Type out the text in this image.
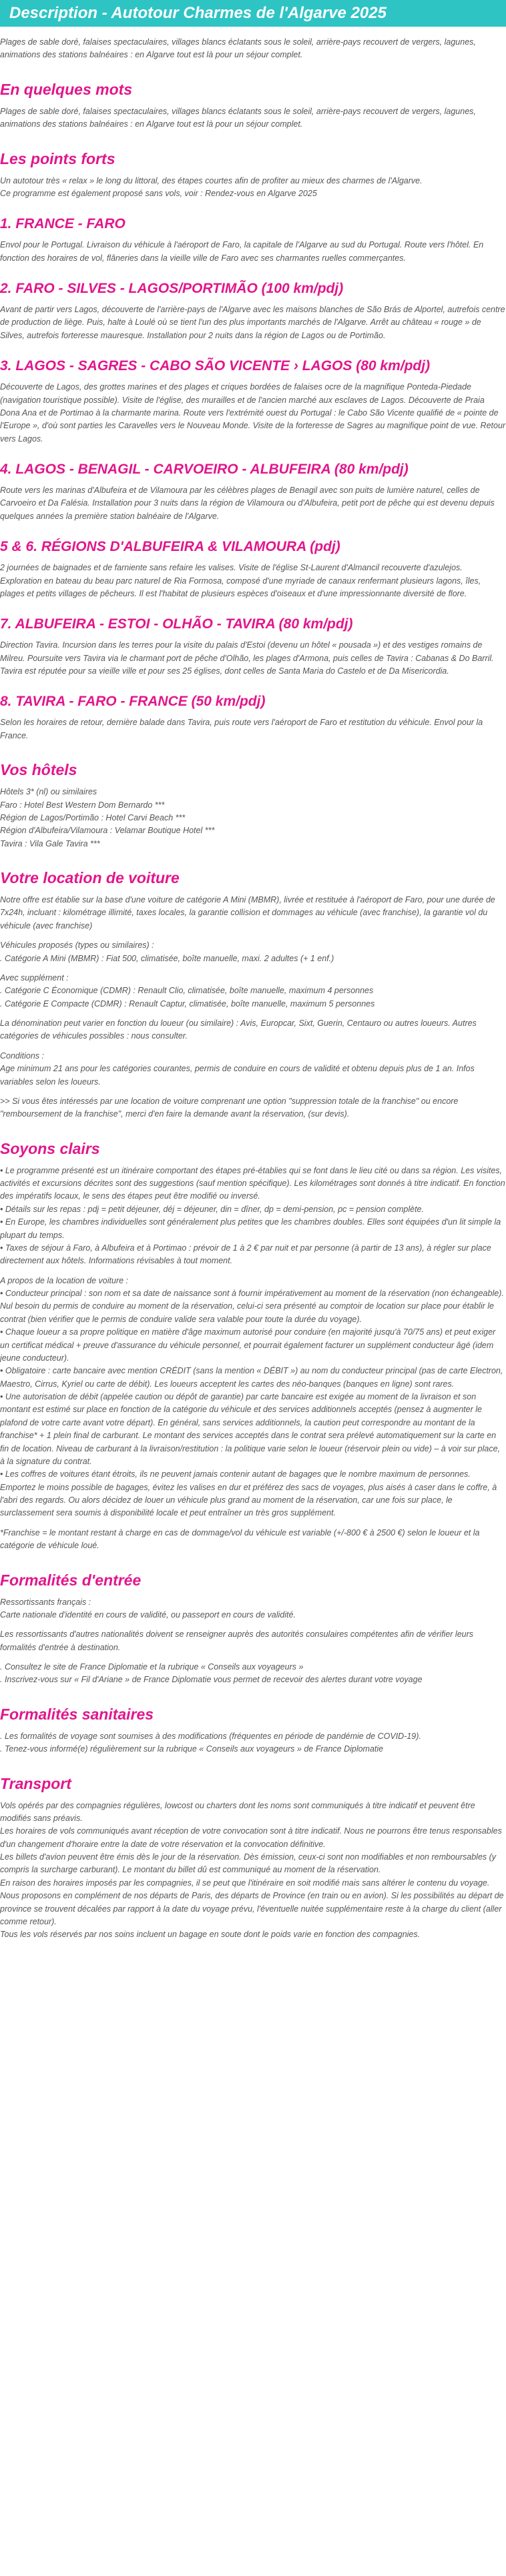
Description - Autotour Charmes de l'Algarve 2025

Plages de sable doré, falaises spectaculaires, villages blancs éclatants sous le soleil, arrière-pays recouvert de vergers, lagunes, animations des stations balnéaires : en Algarve tout est là pour un séjour complet.

En quelques mots

Plages de sable doré, falaises spectaculaires, villages blancs éclatants sous le soleil, arrière-pays recouvert de vergers, lagunes, animations des stations balnéaires : en Algarve tout est là pour un séjour complet.

Les points forts

Un autotour très « relax » le long du littoral, des étapes courtes afin de profiter au mieux des charmes de l'Algarve.
Ce programme est également proposé sans vols, voir : Rendez-vous en Algarve 2025

1. FRANCE - FARO

Envol pour le Portugal. Livraison du véhicule à l'aéroport de Faro, la capitale de l'Algarve au sud du Portugal. Route vers l'hôtel. En fonction des horaires de vol, flâneries dans la vieille ville de Faro avec ses charmantes ruelles commerçantes.

2. FARO - SILVES - LAGOS/PORTIMÃO (100 km/pdj)

Avant de partir vers Lagos, découverte de l'arrière-pays de l'Algarve avec les maisons blanches de São Brás de Alportel, autrefois centre de production de liège. Puis, halte à Loulé où se tient l'un des plus importants marchés de l'Algarve. Arrêt au château « rouge » de Silves, autrefois forteresse mauresque. Installation pour 2 nuits dans la région de Lagos ou de Portimão.

3. LAGOS - SAGRES - CABO SÃO VICENTE › LAGOS (80 km/pdj)

Découverte de Lagos, des grottes marines et des plages et criques bordées de falaises ocre de la magnifique Ponteda-Piedade (navigation touristique possible). Visite de l'église, des murailles et de l'ancien marché aux esclaves de Lagos. Découverte de Praia Dona Ana et de Portimao à la charmante marina. Route vers l'extrémité ouest du Portugal : le Cabo São Vicente qualifié de « pointe de l'Europe », d'où sont parties les Caravelles vers le Nouveau Monde. Visite de la forteresse de Sagres au magnifique point de vue. Retour vers Lagos.

4. LAGOS - BENAGIL - CARVOEIRO - ALBUFEIRA (80 km/pdj)

Route vers les marinas d'Albufeira et de Vilamoura par les célèbres plages de Benagil avec son puits de lumière naturel, celles de Carvoeiro et Da Falésia. Installation pour 3 nuits dans la région de Vilamoura ou d'Albufeira, petit port de pêche qui est devenu depuis quelques années la première station balnéaire de l'Algarve.

5 & 6. RÉGIONS D'ALBUFEIRA & VILAMOURA (pdj)

2 journées de baignades et de farniente sans refaire les valises. Visite de l'église St-Laurent d'Almancil recouverte d'azulejos. Exploration en bateau du beau parc naturel de Ria Formosa, composé d'une myriade de canaux renfermant plusieurs lagons, îles, plages et petits villages de pêcheurs. Il est l'habitat de plusieurs espèces d'oiseaux et d'une impressionnante diversité de flore.

7. ALBUFEIRA - ESTOI - OLHÃO - TAVIRA (80 km/pdj)

Direction Tavira. Incursion dans les terres pour la visite du palais d'Estoi (devenu un hôtel « pousada ») et des vestiges romains de Milreu. Poursuite vers Tavira via le charmant port de pêche d'Olhão, les plages d'Armona, puis celles de Tavira : Cabanas & Do Barril. Tavira est réputée pour sa vieille ville et pour ses 25 églises, dont celles de Santa Maria do Castelo et de Da Misericordia.

8. TAVIRA - FARO - FRANCE (50 km/pdj)

Selon les horaires de retour, dernière balade dans Tavira, puis route vers l'aéroport de Faro et restitution du véhicule. Envol pour la France.

Vos hôtels

Hôtels 3* (nl) ou similaires
Faro : Hotel Best Western Dom Bernardo ***
Région de Lagos/Portimão : Hotel Carvi Beach ***
Région d'Albufeira/Vilamoura : Velamar Boutique Hotel ***
Tavira : Vila Gale Tavira ***

Votre location de voiture

Notre offre est établie sur la base d'une voiture de catégorie A Mini (MBMR), livrée et restituée à l'aéroport de Faro, pour une durée de 7x24h, incluant : kilométrage illimité, taxes locales, la garantie collision et dommages au véhicule (avec franchise), la garantie vol du véhicule (avec franchise)

Véhicules proposés (types ou similaires) :
. Catégorie A Mini (MBMR) : Fiat 500, climatisée, boîte manuelle, maxi. 2 adultes (+ 1 enf.)

Avec supplément :
. Catégorie C Économique (CDMR) : Renault Clio, climatisée, boîte manuelle, maximum 4 personnes
. Catégorie E Compacte (CDMR) : Renault Captur, climatisée, boîte manuelle, maximum 5 personnes

La dénomination peut varier en fonction du loueur (ou similaire) : Avis, Europcar, Sixt, Guerin, Centauro ou autres loueurs. Autres catégories de véhicules possibles : nous consulter.

Conditions :
Age minimum 21 ans pour les catégories courantes, permis de conduire en cours de validité et obtenu depuis plus de 1 an. Infos variables selon les loueurs.

>> Si vous êtes intéressés par une location de voiture comprenant une option "suppression totale de la franchise" ou encore "remboursement de la franchise", merci d'en faire la demande avant la réservation, (sur devis).

Soyons clairs

• Le programme présenté est un itinéraire comportant des étapes pré-établies qui se font dans le lieu cité ou dans sa région. Les visites, activités et excursions décrites sont des suggestions (sauf mention spécifique). Les kilométrages sont donnés à titre indicatif. En fonction des impératifs locaux, le sens des étapes peut être modifié ou inversé.
• Détails sur les repas : pdj = petit déjeuner, déj = déjeuner, din = dîner, dp = demi-pension, pc = pension complète.
• En Europe, les chambres individuelles sont généralement plus petites que les chambres doubles. Elles sont équipées d'un lit simple la plupart du temps.
• Taxes de séjour à Faro, à Albufeira et à Portimao : prévoir de 1 à 2 € par nuit et par personne (à partir de 13 ans), à régler sur place directement aux hôtels. Informations révisables à tout moment.

A propos de la location de voiture :
• Conducteur principal : son nom et sa date de naissance sont à fournir impérativement au moment de la réservation (non échangeable). Nul besoin du permis de conduire au moment de la réservation, celui-ci sera présenté au comptoir de location sur place pour établir le contrat (bien vérifier que le permis de conduire valide sera valable pour toute la durée du voyage).
• Chaque loueur a sa propre politique en matière d'âge maximum autorisé pour conduire (en majorité jusqu'à 70/75 ans) et peut exiger un certificat médical + preuve d'assurance du véhicule personnel, et pourrait également facturer un supplément conducteur âgé (idem jeune conducteur).
• Obligatoire : carte bancaire avec mention CRÉDIT (sans la mention « DÉBIT ») au nom du conducteur principal (pas de carte Electron, Maestro, Cirrus, Kyriel ou carte de débit). Les loueurs acceptent les cartes des néo-banques (banques en ligne) sont rares.
• Une autorisation de débit (appelée caution ou dépôt de garantie) par carte bancaire est exigée au moment de la livraison et son montant est estimé sur place en fonction de la catégorie du véhicule et des services additionnels acceptés (pensez à augmenter le plafond de votre carte avant votre départ). En général, sans services additionnels, la caution peut correspondre au montant de la franchise* + 1 plein final de carburant. Le montant des services acceptés dans le contrat sera prélevé automatiquement sur la carte en fin de location. Niveau de carburant à la livraison/restitution : la politique varie selon le loueur (réservoir plein ou vide) – à voir sur place, à la signature du contrat.
• Les coffres de voitures étant étroits, ils ne peuvent jamais contenir autant de bagages que le nombre maximum de personnes. Emportez le moins possible de bagages, évitez les valises en dur et préférez des sacs de voyages, plus aisés à caser dans le coffre, à l'abri des regards. Ou alors décidez de louer un véhicule plus grand au moment de la réservation, car une fois sur place, le surclassement sera soumis à disponibilité locale et peut entraîner un très gros supplément.

*Franchise = le montant restant à charge en cas de dommage/vol du véhicule est variable (+/-800 € à 2500 €) selon le loueur et la catégorie de véhicule loué.

Formalités d'entrée

Ressortissants français :
Carte nationale d'identité en cours de validité, ou passeport en cours de validité.

Les ressortissants d'autres nationalités doivent se renseigner auprès des autorités consulaires compétentes afin de vérifier leurs formalités d'entrée à destination.

. Consultez le site de France Diplomatie et la rubrique « Conseils aux voyageurs »
. Inscrivez-vous sur « Fil d'Ariane » de France Diplomatie vous permet de recevoir des alertes durant votre voyage

Formalités sanitaires

. Les formalités de voyage sont soumises à des modifications (fréquentes en période de pandémie de COVID-19).
. Tenez-vous informé(e) régulièrement sur la rubrique « Conseils aux voyageurs » de France Diplomatie

Transport

Vols opérés par des compagnies régulières, lowcost ou charters dont les noms sont communiqués à titre indicatif et peuvent être modifiés sans préavis.
Les horaires de vols communiqués avant réception de votre convocation sont à titre indicatif. Nous ne pourrons être tenus responsables d'un changement d'horaire entre la date de votre réservation et la convocation définitive.
Les billets d'avion peuvent être émis dès le jour de la réservation. Dès émission, ceux-ci sont non modifiables et non remboursables (y compris la surcharge carburant). Le montant du billet dû est communiqué au moment de la réservation.
En raison des horaires imposés par les compagnies, il se peut que l'itinéraire en soit modifié mais sans altérer le contenu du voyage.
Nous proposons en complément de nos départs de Paris, des départs de Province (en train ou en avion). Si les possibilités au départ de province se trouvent décalées par rapport à la date du voyage prévu, l'éventuelle nuitée supplémentaire reste à la charge du client (aller comme retour).
Tous les vols réservés par nos soins incluent un bagage en soute dont le poids varie en fonction des compagnies.
